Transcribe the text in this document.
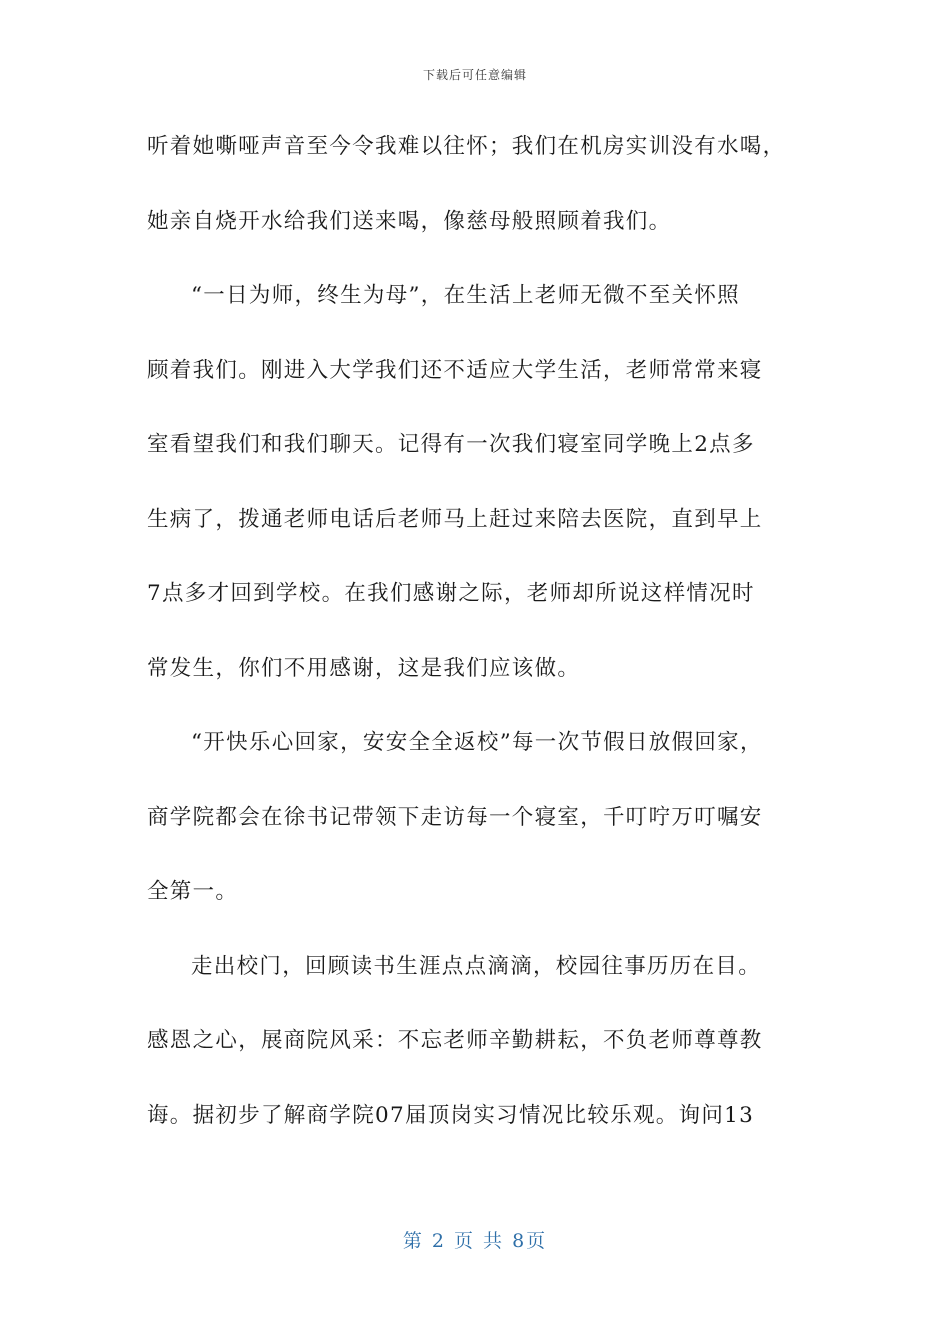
下载后可任意编辑
听着她嘶哑声音至今令我难以往怀；我们在机房实训没有水喝，
她亲自烧开水给我们送来喝，像慈母般照顾着我们。
“一日为师，终生为母”，在生活上老师无微不至关怀照
顾着我们。刚进入大学我们还不适应大学生活，老师常常来寝
室看望我们和我们聊天。记得有一次我们寝室同学晚上2点多
生病了，拨通老师电话后老师马上赶过来陪去医院，直到早上
7点多才回到学校。在我们感谢之际，老师却所说这样情况时
常发生，你们不用感谢，这是我们应该做。
“开快乐心回家，安安全全返校”每一次节假日放假回家，
商学院都会在徐书记带领下走访每一个寝室，千叮咛万叮嘱安
全第一。
走出校门，回顾读书生涯点点滴滴，校园往事历历在目。
感恩之心，展商院风采：不忘老师辛勤耕耘，不负老师尊尊教
诲。据初步了解商学院07届顶岗实习情况比较乐观。询问13
第 2 页 共 8页
